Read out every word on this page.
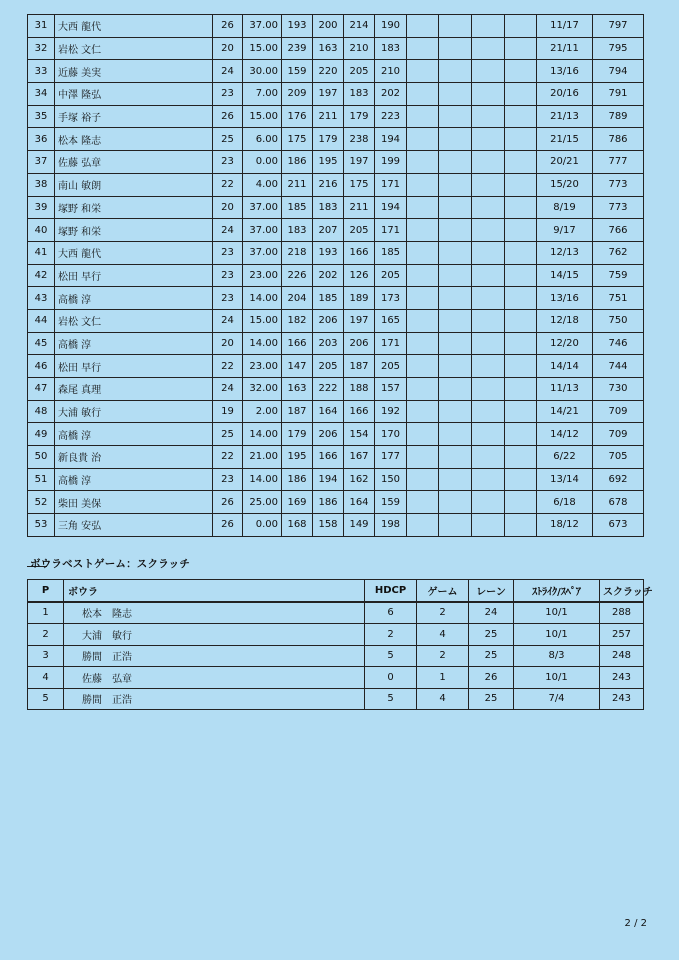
31	大西 龍代	26	37.00	193	200	214	190					11/17	797
32	岩松 文仁	20	15.00	239	163	210	183					21/11	795
33	近藤 美実	24	30.00	159	220	205	210					13/16	794
34	中澤 隆弘	23	7.00	209	197	183	202					20/16	791
35	手塚 裕子	26	15.00	176	211	179	223					21/13	789
36	松本 隆志	25	6.00	175	179	238	194					21/15	786
37	佐藤 弘章	23	0.00	186	195	197	199					20/21	777
38	南山 敏朗	22	4.00	211	216	175	171					15/20	773
39	塚野 和栄	20	37.00	185	183	211	194					8/19	773
40	塚野 和栄	24	37.00	183	207	205	171					9/17	766
41	大西 龍代	23	37.00	218	193	166	185					12/13	762
42	松田 早行	23	23.00	226	202	126	205					14/15	759
43	高橋 淳	23	14.00	204	185	189	173					13/16	751
44	岩松 文仁	24	15.00	182	206	197	165					12/18	750
45	高橋 淳	20	14.00	166	203	206	171					12/20	746
46	松田 早行	22	23.00	147	205	187	205					14/14	744
47	森尾 真理	24	32.00	163	222	188	157					11/13	730
48	大浦 敏行	19	2.00	187	164	166	192					14/21	709
49	高橋 淳	25	14.00	179	206	154	170					14/12	709
50	新良貴 治	22	21.00	195	166	167	177					6/22	705
51	高橋 淳	23	14.00	186	194	162	150					13/14	692
52	柴田 美保	26	25.00	169	186	164	159					6/18	678
53	三角 安弘	26	0.00	168	158	149	198					18/12	673
ボウラベストゲーム：スクラッチ
P	ボウラ	HDCP	ゲーム	レーン	ｽﾄﾗｲｸ/ｽﾍﾟｱ	スクラッチ
1	松本　隆志	6	2	24	10/1	288
2	大浦　敏行	2	4	25	10/1	257
3	勝間　正浩	5	2	25	8/3	248
4	佐藤　弘章	0	1	26	10/1	243
5	勝間　正浩	5	4	25	7/4	243
2 / 2
